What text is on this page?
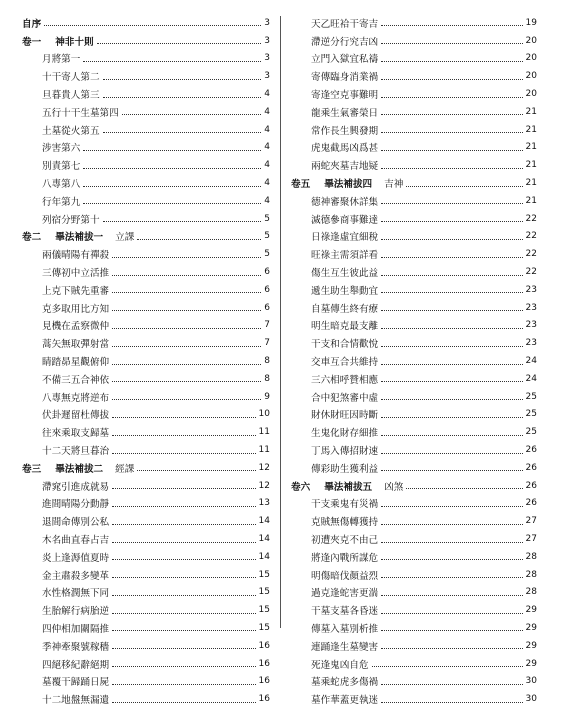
自序	3
卷一 神非十則	3
月將第一	3
十干寄人第二	3
旦暮貴人第三	4
五行十干生墓第四	4
土墓從火第五	4
涉害第六	4
別責第七	4
八專第八	4
行年第九	4
列宿分野第十	5
卷二 畢法補拔一 立課	5
兩儀晴陽有禪殺	5
三傳初中立活推	6
上克下賊先重審	6
克多取用比方知	6
見機在孟察微仲	7
蒿矢無取彈射當	7
睛踏昴星觀俯仰	8
不備三五合神依	8
八專無克將逆布	9
伏卦遲留杜傳拔	10
往來乘取支歸墓	11
十二天將旦暮治	11
卷三 畢法補拔二 經課	12
滯窕引進成就易	12
進間晴陽分動靜	13
退間命傳別公私	14
木名曲直春占吉	14
炎上逢溽值夏時	14
金主肅殺多變革	15
水性格潤無下同	15
生胎解行病胎逆	15
四仲相加關隔推	15
季神牽聚號稼穡	16
四絕移紀辭絕期	16
墓覆干歸踊日屍	16
十二地盤無漏遺	16
天乙旺袷干寄吉	19
滯逆分行究吉凶	20
立門入獄宜私禱	20
寄傳臨身消業禍	20
寄逢空克事難明	20
龍乘生氣審榮日	21
常作長生興發期	21
虎鬼截馬凶爲甚	21
兩蛇夾墓吉地疑	21
卷五 畢法補拔四 吉神	21
德神審聚休詳集	21
滅德參商事難達	22
日祿逢虛宜細稅	22
旺祿主需須詳看	22
傷生互生彼此益	22
遞生助生舉動宜	23
自墓傳生終有療	23
明生暗克最支離	23
干支和合情歡悅	23
交車互合共維持	24
三六相呼贊相應	24
合中犯煞審中虛	25
財休財旺因時斷	25
生鬼化財存細推	25
丁馬入傳招財速	26
傳彩助生獲利益	26
卷六 畢法補拔五 凶煞	26
干支乘鬼有災禍	26
克賊無傷轉獲持	27
初遭夾克不由己	27
將逢內戰所謀危	28
明傷暗伐顏益烈	28
過克逢蛇害更湍	28
干墓支墓各昏迷	29
傳墓入墓別析推	29
連踊逢生墓變害	29
死逢鬼凶自危	29
墓乘蛇虎多傷禍	30
墓作華蓋更執迷	30
